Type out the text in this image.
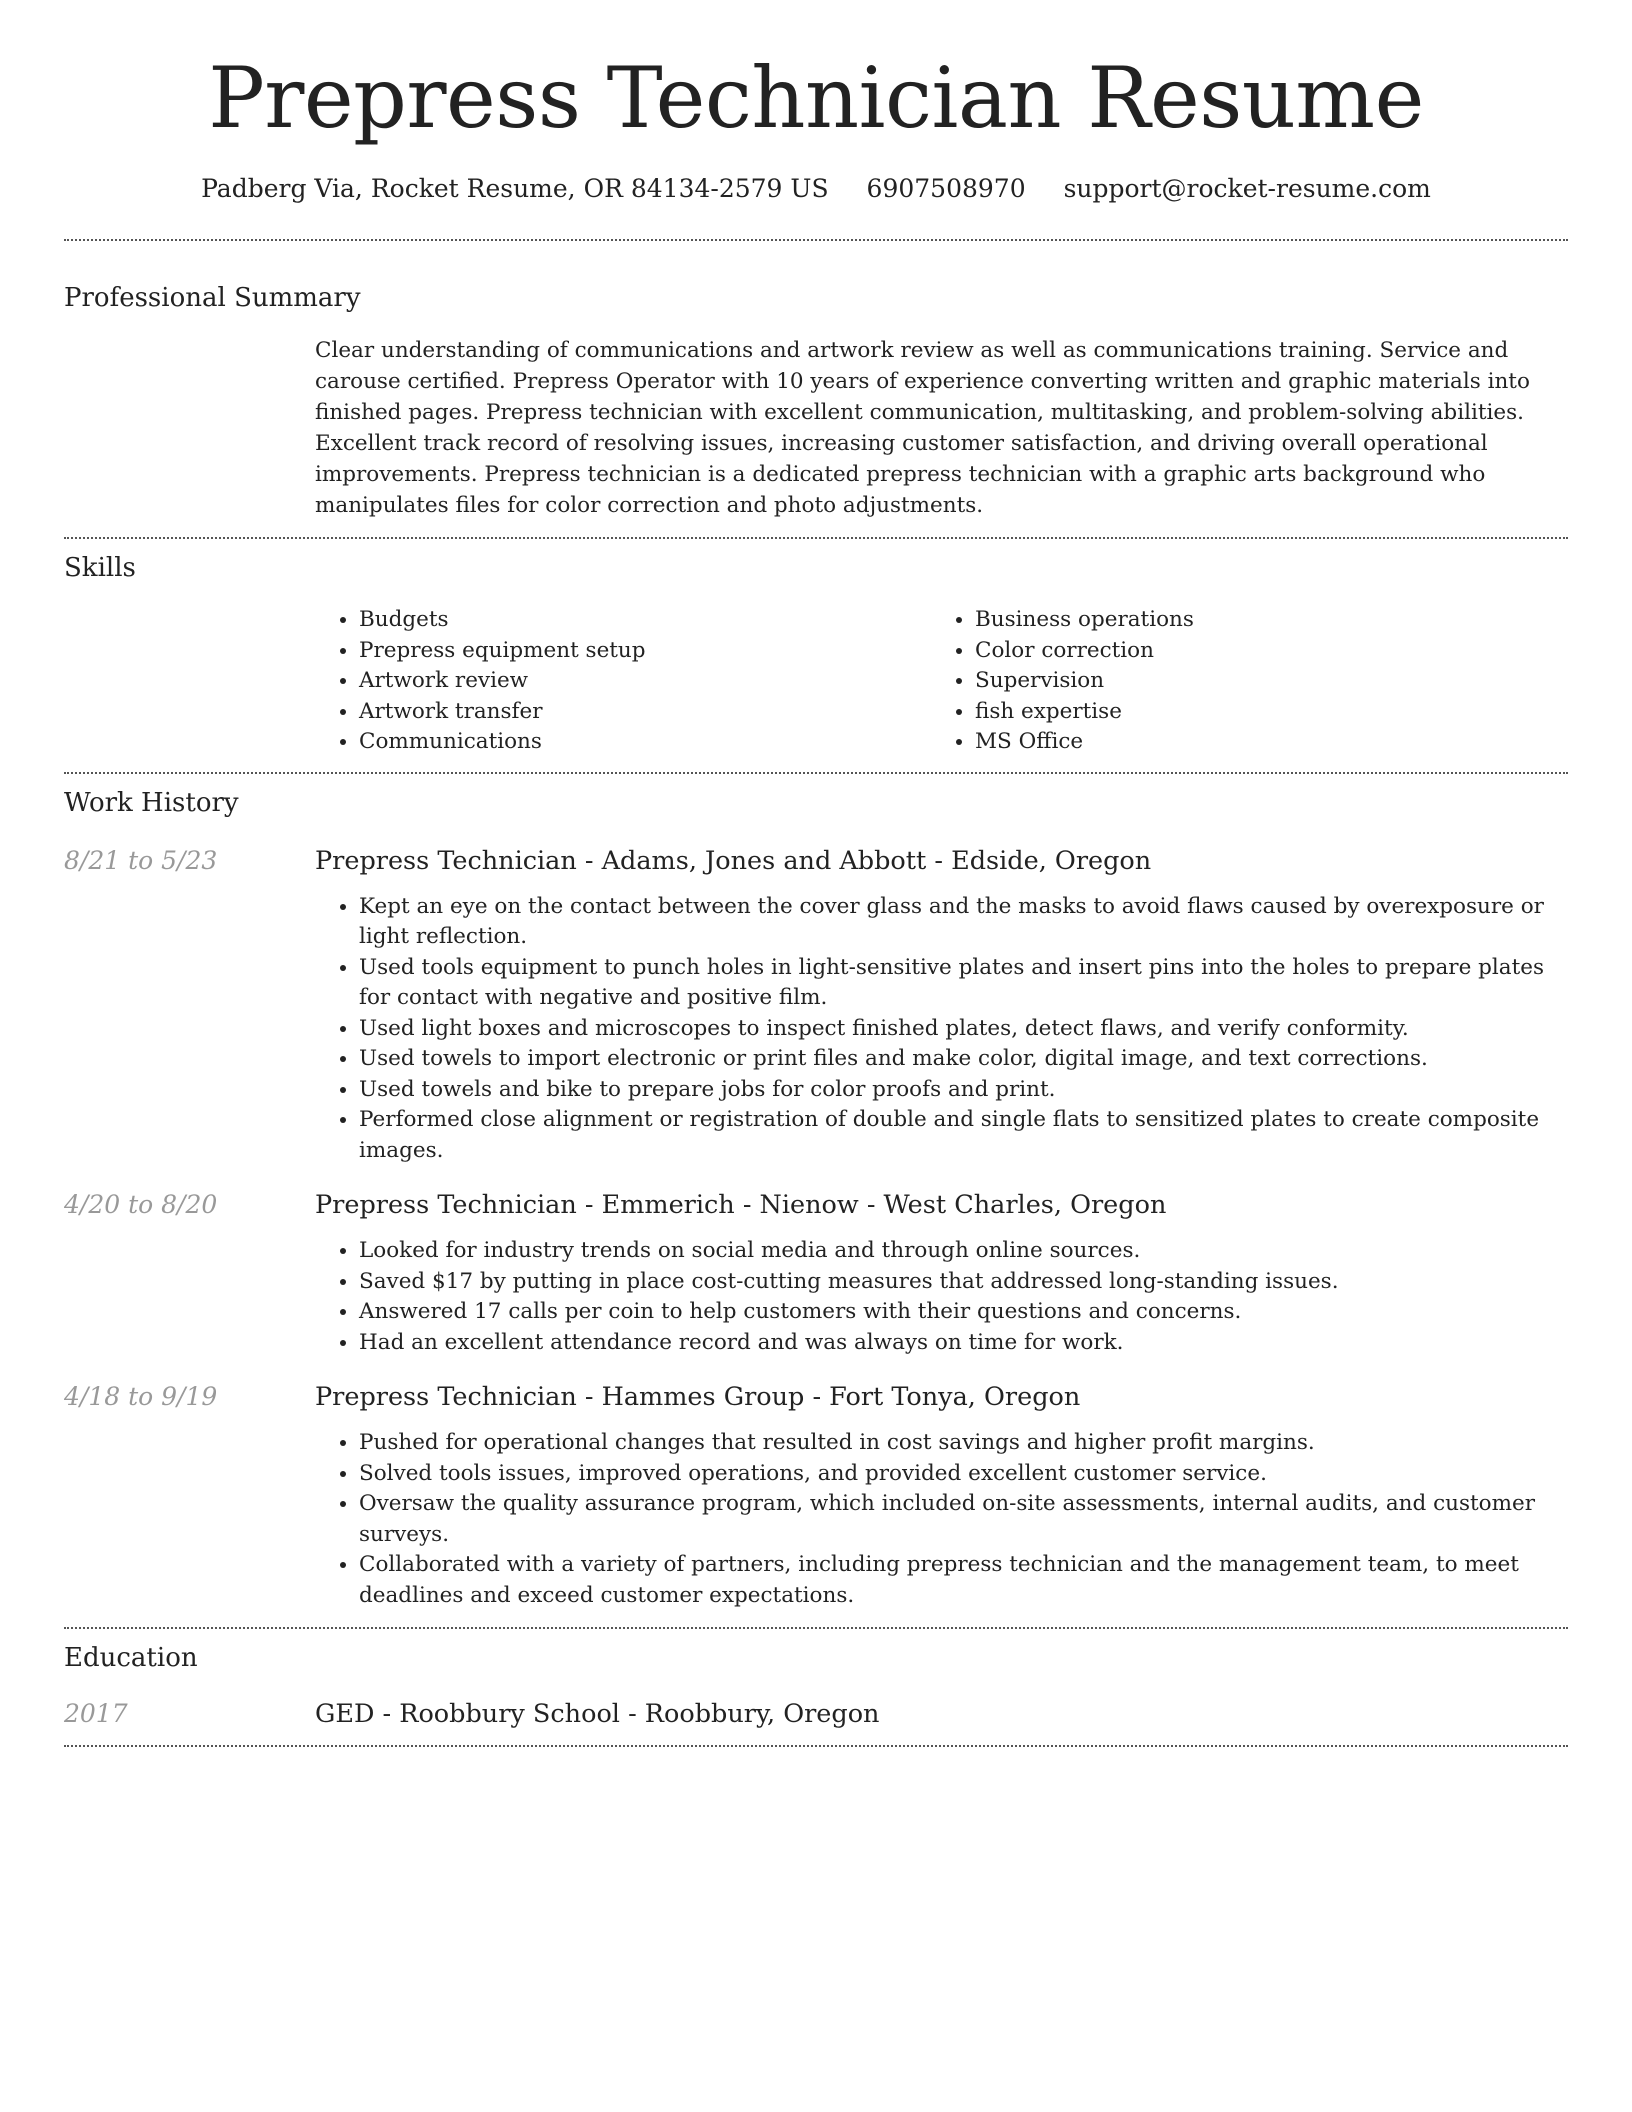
Prepress Technician Resume
Padberg Via, Rocket Resume, OR 84134-2579 US 6907508970 support@rocket-resume.com
Professional Summary
Clear understanding of communications and artwork review as well as communications training. Service and carouse certified. Prepress Operator with 10 years of experience converting written and graphic materials into finished pages. Prepress technician with excellent communication, multitasking, and problem-solving abilities. Excellent track record of resolving issues, increasing customer satisfaction, and driving overall operational improvements. Prepress technician is a dedicated prepress technician with a graphic arts background who manipulates files for color correction and photo adjustments.
Skills
• Budgets
• Prepress equipment setup
• Artwork review
• Artwork transfer
• Communications
• Business operations
• Color correction
• Supervision
• fish expertise
• MS Office
Work History
8/21 to 5/23	Prepress Technician - Adams, Jones and Abbott - Edside, Oregon
• Kept an eye on the contact between the cover glass and the masks to avoid flaws caused by overexposure or light reflection.
• Used tools equipment to punch holes in light-sensitive plates and insert pins into the holes to prepare plates for contact with negative and positive film.
• Used light boxes and microscopes to inspect finished plates, detect flaws, and verify conformity.
• Used towels to import electronic or print files and make color, digital image, and text corrections.
• Used towels and bike to prepare jobs for color proofs and print.
• Performed close alignment or registration of double and single flats to sensitized plates to create composite images.
4/20 to 8/20	Prepress Technician - Emmerich - Nienow - West Charles, Oregon
• Looked for industry trends on social media and through online sources.
• Saved $17 by putting in place cost-cutting measures that addressed long-standing issues.
• Answered 17 calls per coin to help customers with their questions and concerns.
• Had an excellent attendance record and was always on time for work.
4/18 to 9/19	Prepress Technician - Hammes Group - Fort Tonya, Oregon
• Pushed for operational changes that resulted in cost savings and higher profit margins.
• Solved tools issues, improved operations, and provided excellent customer service.
• Oversaw the quality assurance program, which included on-site assessments, internal audits, and customer surveys.
• Collaborated with a variety of partners, including prepress technician and the management team, to meet deadlines and exceed customer expectations.
Education
2017	GED - Roobbury School - Roobbury, Oregon
